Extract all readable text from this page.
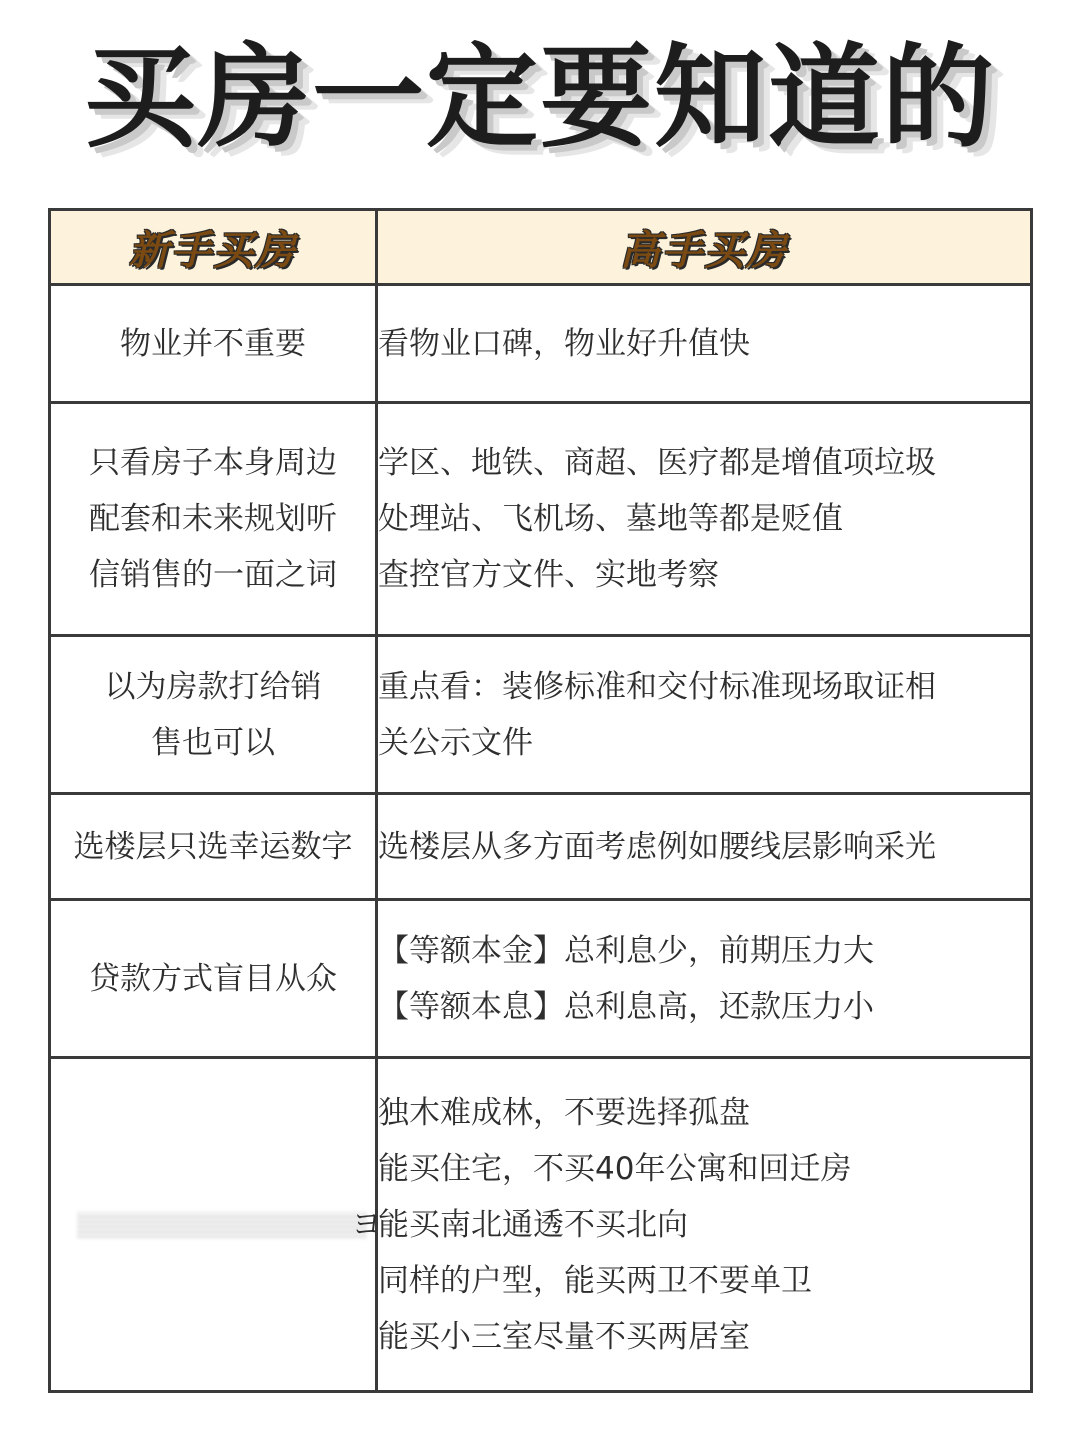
买房一定要知道的
新手买房	高手买房

物业并不重要	看物业口碑，物业好升值快

只看房子本身周边
配套和未来规划听
信销售的一面之词	学区、地铁、商超、医疗都是增值项垃圾
处理站、飞机场、墓地等都是贬值
查控官方文件、实地考察

以为房款打给销
售也可以	重点看：装修标准和交付标准现场取证相
关公示文件

选楼层只选幸运数字	选楼层从多方面考虑例如腰线层影响采光

贷款方式盲目从众	【等额本金】总利息少，前期压力大
【等额本息】总利息高，还款压力小

ヨ	独木难成林，不要选择孤盘
能买住宅，不买40年公寓和回迁房
能买南北通透不买北向
同样的户型，能买两卫不要单卫
能买小三室尽量不买两居室
